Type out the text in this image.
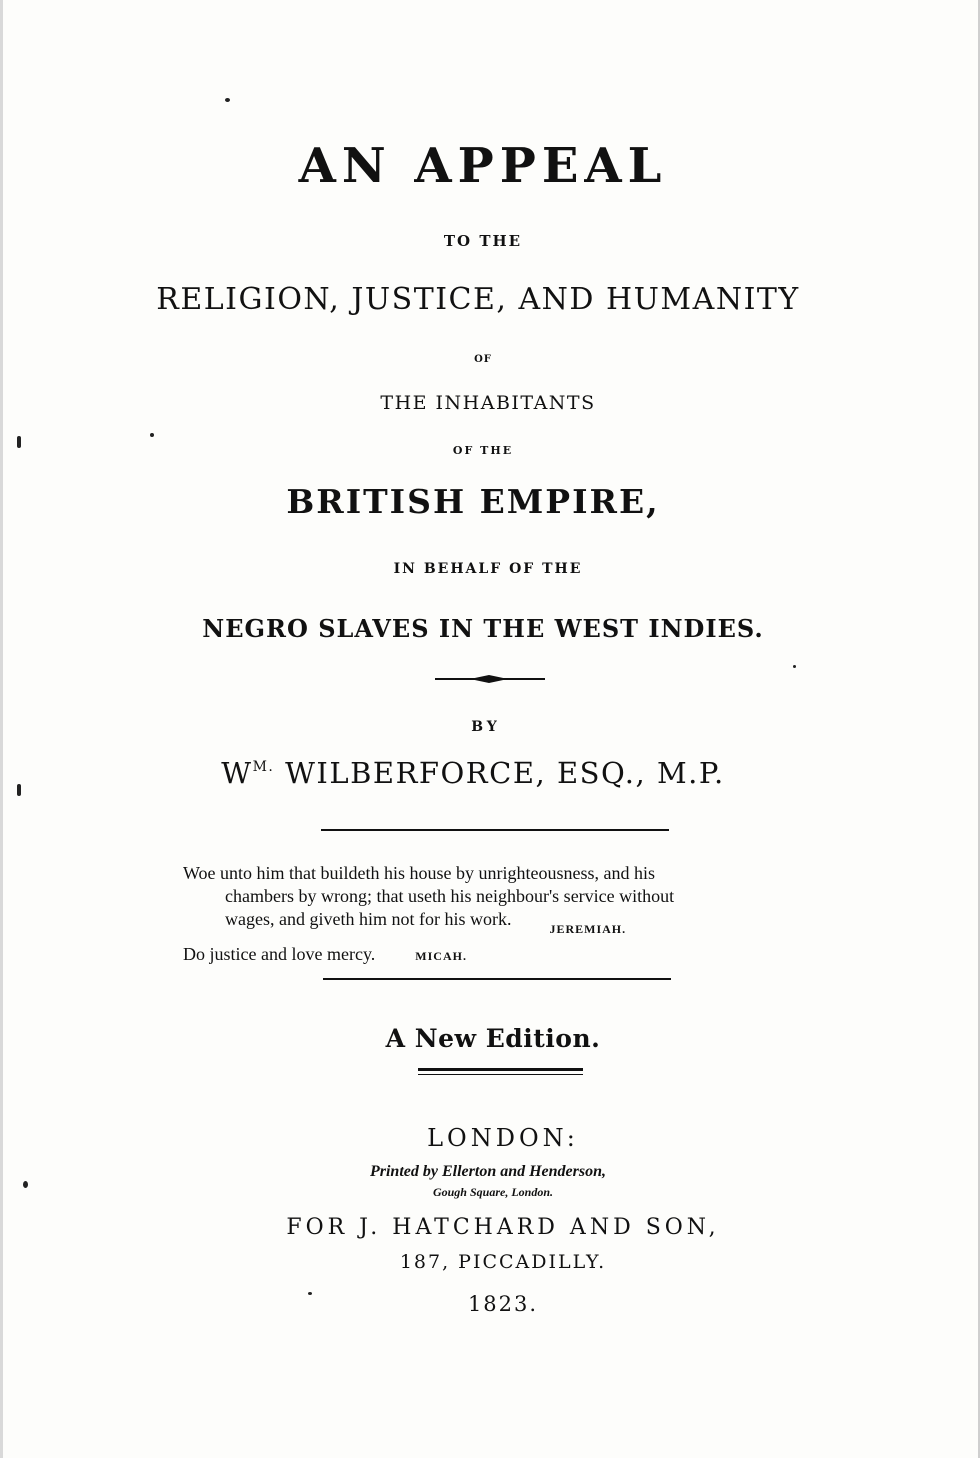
AN APPEAL
TO THE
RELIGION, JUSTICE, AND HUMANITY
OF
THE INHABITANTS
OF THE
BRITISH EMPIRE,
IN BEHALF OF THE
NEGRO SLAVES IN THE WEST INDIES.
BY
$W^{M.}$ WILBERFORCE, ESQ., M.P.
Woe unto him that buildeth his house by unrighteousness, and his
chambers by wrong; that useth his neighbour's service without
wages, and giveth him not for his work.	$_{JEREMIAH.}$
Do justice and love mercy.	MICAH.
A New Edition.
LONDON:
Printed by Ellerton and Henderson,
Gough Square, London.
FOR J. HATCHARD AND SON,
187, PICCADILLY.
1823.
